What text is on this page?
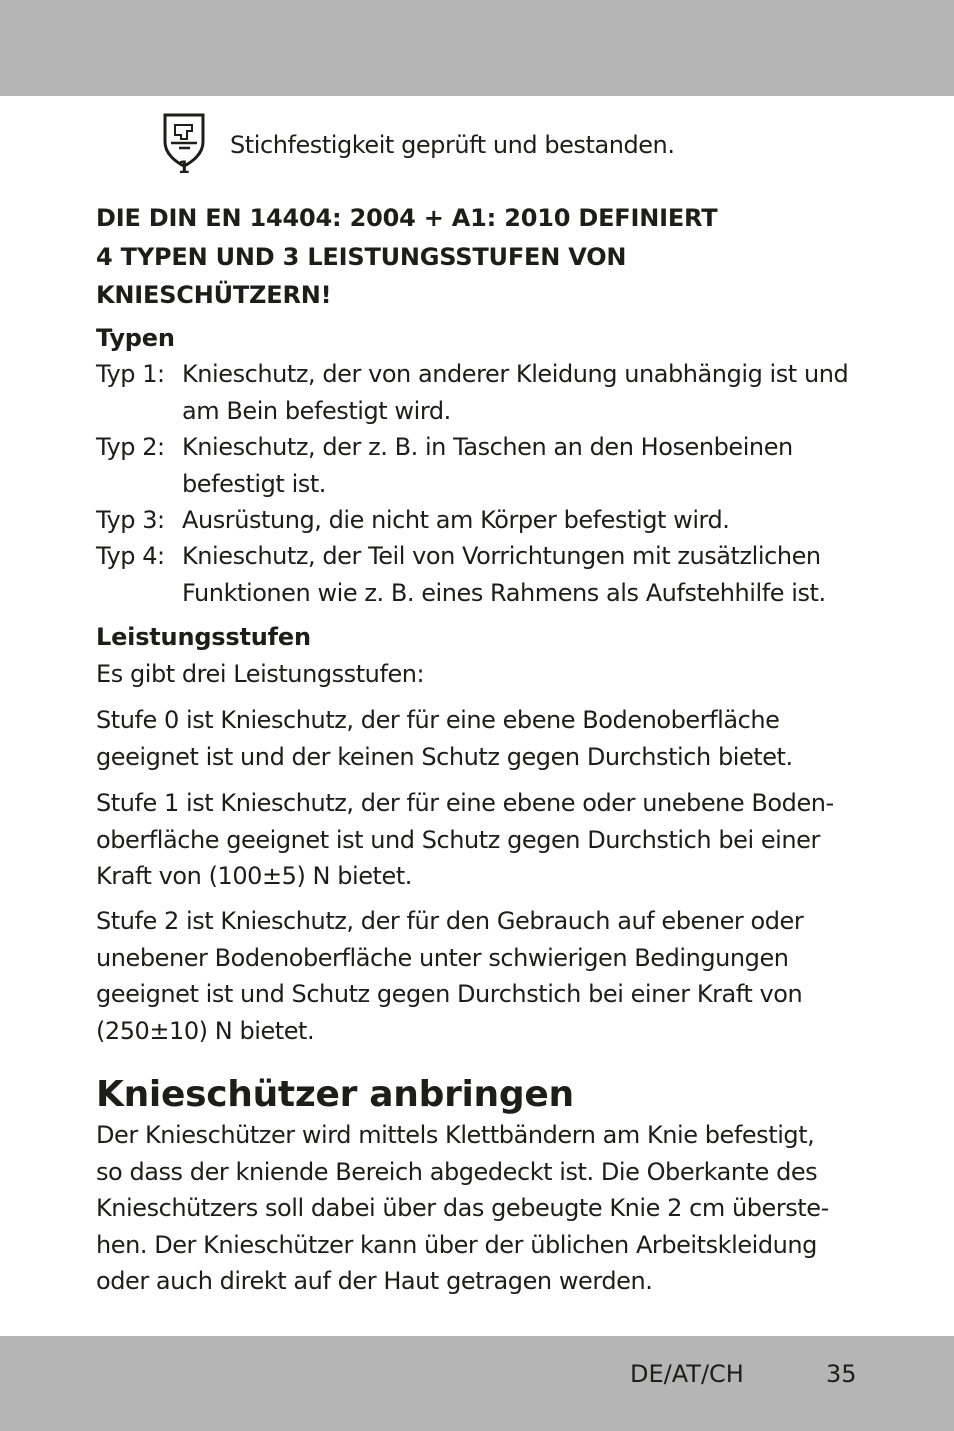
1
Stichfestigkeit geprüft und bestanden.
DIE DIN EN 14404: 2004 + A1: 2010 DEFINIERT
4 TYPEN UND 3 LEISTUNGSSTUFEN VON
KNIESCHÜTZERN!
Typen
Typ 1: Knieschutz, der von anderer Kleidung unabhängig ist und
am Bein befestigt wird.
Typ 2: Knieschutz, der z. B. in Taschen an den Hosenbeinen
befestigt ist.
Typ 3: Ausrüstung, die nicht am Körper befestigt wird.
Typ 4: Knieschutz, der Teil von Vorrichtungen mit zusätzlichen
Funktionen wie z. B. eines Rahmens als Aufstehhilfe ist.
Leistungsstufen
Es gibt drei Leistungsstufen:
Stufe 0 ist Knieschutz, der für eine ebene Bodenoberfläche
geeignet ist und der keinen Schutz gegen Durchstich bietet.
Stufe 1 ist Knieschutz, der für eine ebene oder unebene Boden-
oberfläche geeignet ist und Schutz gegen Durchstich bei einer
Kraft von (100±5) N bietet.
Stufe 2 ist Knieschutz, der für den Gebrauch auf ebener oder
unebener Bodenoberfläche unter schwierigen Bedingungen
geeignet ist und Schutz gegen Durchstich bei einer Kraft von
(250±10) N bietet.
Knieschützer anbringen
Der Knieschützer wird mittels Klettbändern am Knie befestigt,
so dass der kniende Bereich abgedeckt ist. Die Oberkante des
Knieschützers soll dabei über das gebeugte Knie 2 cm überste-
hen. Der Knieschützer kann über der üblichen Arbeitskleidung
oder auch direkt auf der Haut getragen werden.
DE/AT/CH	35
